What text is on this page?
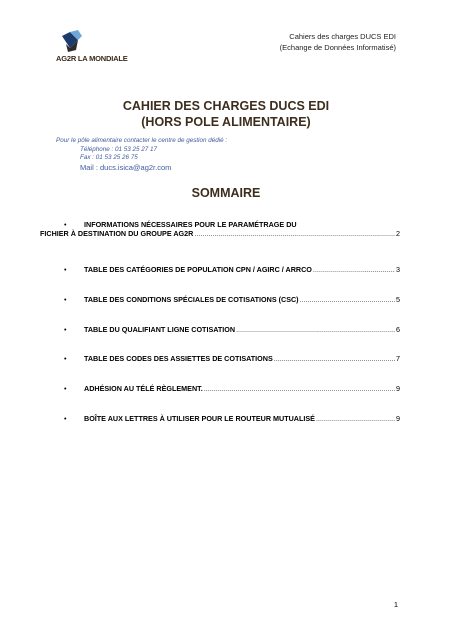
AG2R LA MONDIALE
Cahiers des charges DUCS EDI
(Echange de Données Informatisé)
CAHIER DES CHARGES DUCS EDI
(HORS POLE ALIMENTAIRE)
Pour le pôle alimentaire contacter le centre de gestion dédié :
Téléphone : 01 53 25 27 17
Fax : 01 53 25 26 75
Mail : ducs.isica@ag2r.com
SOMMAIRE
•	INFORMATIONS NÉCESSAIRES POUR LE PARAMÉTRAGE DU
FICHIER À DESTINATION DU GROUPE AG2R .....	2
•	TABLE DES CATÉGORIES DE POPULATION CPN / AGIRC / ARRCO .....	3
•	TABLE DES CONDITIONS SPÉCIALES DE COTISATIONS (CSC) .....	5
•	TABLE DU QUALIFIANT LIGNE COTISATION .....	6
•	TABLE DES CODES DES ASSIETTES DE COTISATIONS .....	7
•	ADHÉSION AU TÉLÉ RÈGLEMENT. .....	9
•	BOÎTE AUX LETTRES À UTILISER POUR LE ROUTEUR MUTUALISÉ .....	9
1
